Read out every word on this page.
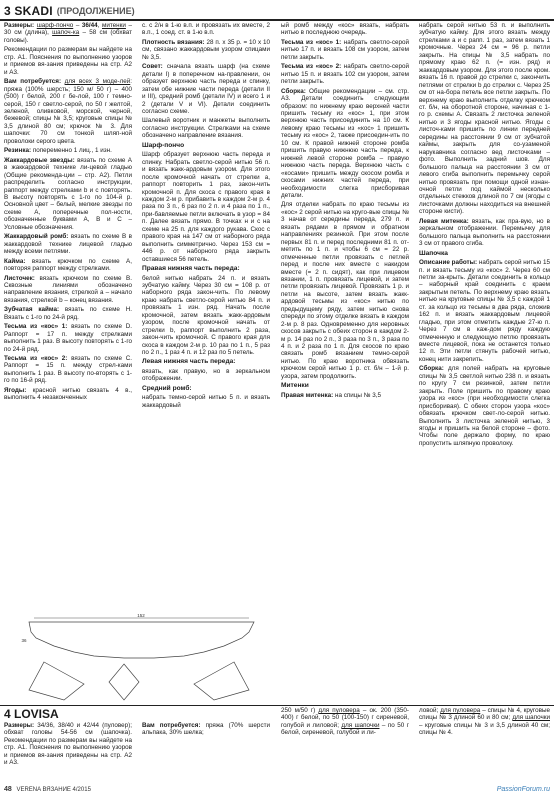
3 SKADI (ПРОДОЛЖЕНИЕ)

Размеры: шарф-пончо – 36/44, митенки – 30 см (длина), шапоч-ка – 58 см (обхват головы).

Рекомендации по размерам вы найдете на стр. А1. Пояснения по выполнению узоров и приемов вя-зания приведены на стр. А2 и А3.

Вам потребуется: для всех 3 моде-лей: пряжа (100% шерсть; 150 м/ 50 г) – 400 (500) г белой, 200 г бе-лой, 100 г темно-серой, 150 г светло-серой, по 50 г желтой, зеленой, оливковой, морской, черной, бежевой; спицы № 3,5; круговые спицы № 3,5 длиной 80 см; крючок № 3. Для шапочки: 70 см тонкой шляп-ной проволоки серого цвета.

Резинка: попеременно 1 лиц., 1 изн.

Жаккардовые звезды: вязать по схеме А в жаккардовой технике ли-цевой гладью (Общие рекоменда-ции – стр. А2). Петли распределить согласно инструкции, раппорт между стрелками b и с повторять. В высоту повторять с 1-го по 104-й р. Основной цвет – белый, мелкие звезды по схеме A, поперечные пол-ности, обозначенные буквами А, В и С – Условные обозначения.

Жаккардовый ромб: вязать по схеме В в жаккардовой технике лицевой гладью между всеми петлями.

Кайма: вязать крючком по схеме А, повторяя раппорт между стрелками.

Листочек: вязать крючком по схеме В. Сквозные линиями обозначено направление вязания, стрелкой а – начало вязания, стрелкой b – конец вязания.

Зубчатая кайма: вязать по схеме Н. Вязать с 1-го по 24-й ряд.

Тесьма из «кос» 1: вязать по схеме D. Раппорт = 17 п. между стрелками выполнить 1 раз. В высоту повторять с 1-го по 24-й ряд.

Тесьма из «кос» 2: вязать по схеме С. Раппорт = 15 п. между стрел-ками выполнить 1 раз. В высоту по-вторять с 1-го по 16-й ряд.

Ягоды: красной нитью связать 4 в., выполнить 4 незаконченных

с. с 2/н в 1-ю в.п. и провязать их вместе, 2 в.п., 1 соед. ст. в 1-ю в.п.

Плотность вязания: 28 п. х 35 р. = 10 х 10 см, связано жаккардовым узором спицами № 3,5.

Совет: сначала вязать шарф (на схеме детали I) в поперечном на-правлении, он образует верхнюю часть переда и спинку, затем обе нижние части переда (детали II и III), средний ромб (детали IV) и всего 1 и 2 (детали V и VI). Детали соединить согласно схеме.

Шалевый воротник и манжеты выполнить согласно инструкции. Стрелками на схеме обозначено направление вязания.

Шарф-пончо

Шарф образует верхнюю часть переда и спинку. Набрать светло-серой нитью 56 п. и вязать жакк-ардовым узором. Для этого после кромочной начать от стрелки а, раппорт повторить 1 раз, закон-чить кромочной п. Для скоса с правого края в каждом 2-м р. прибавить в каждом 2-м р. 4 раза по 3 п., 6 раз по 2 п. и 4 раза по 1 п., при-бавляемые петли включать в узор = 84 п. Далее вязать прямо. В точках н и с на схеме на 25 п. для каждого рукава. Скос с правого края на 147 см от наборного ряда выполнить симметрично. Через 153 см = 446 р. от наборного ряда закрыть оставшиеся 56 петель.

Правая нижняя часть переда:

белой нитью набрать 24 п. и вязать зубчатую кайму. Через 30 см = 108 р. от наборного ряда закон-чить. По левому краю набрать светло-серой нитью 84 п. и провязать 1 изн. ряд. Начать после кромочной, затем вязать жакк-ардовым узором, после кромочной начать от стрелки b, раппорт выполнить 2 раза, закон-чить кромочной. С правого края для скоса в каждом 2-м р. 10 раз по 1 п., 5 раз по 2 п., 1 раз 4 п. и 12 раз по 5 петель.

Левая нижняя часть переда:

вязать, как правую, но в зеркальном отображении.

Средний ромб:

набрать темно-серой нитью 5 п. и вязать жаккардовый

ый ромб между «кос» вязать, набрать нитью в последнюю очередь.

Тесьма из «кос» 1: набрать светло-серой нитью 17 п. и вязать 108 см узором, затем петли закрыть.

Тесьма из «кос» 2: набрать светло-серой нитью 15 п. и вязать 102 см узором, затем петли закрыть.

Сборка: Общие рекомендации – см. стр. А3. Детали соединить следующим образом: по нижнему краю верхней части пришить тесьму из «кос» 1, при этом верхнюю часть присоединить на 10 см. К левому краю тесьмы из «кос» 1 пришить тесьму из «кос» 2, также присоедин-ить по 10 см. К правой нижней стороне ромба пришить правую нижнюю часть переда, к нижней левой стороне ромба – правую нижнюю часть переда. Верхнюю часть с «косами» пришить между скосом ромба и скосами нижних частей переда, при необходимости слегка присборивая детали.

Для отделки набрать по краю тесьмы из «кос» 2 серой нитью на круго-вые спицы № 3 начав от середины переда, 279 п. и вязать рядами в прямом и обратном направлениях резинкой. При этом после первых 81 п. и перед последними 81 п. от-метить по 1 п. и чтобы 6 см = 22 р. отмеченные петли провязать с петлей перед и после них вместе с накидом вместе (= 2 п. сидят), как при лицевом вязании, 1 п. провязать лицевой, и затем петли провязать лицевой. Провязать 1 р. и петли на высоте, затем вязать жакк-ардовой тесьмы из «кос» нитью по предыдущему ряду, затем нитью снова спереди по этому отделке вязать в каждом 2-м р. 8 раз. Одновременно для неровных скосов закрыть с обеих сторон в каждом 2-м р. 14 раз по 2 п., 3 раза по 3 п., 3 раза по 4 п. и 2 раза по 1 п. Для скосов по краю связать ромб вязанием темно-серой нитью. По краю воротника обвязать крючком серой нитью 1 р. ст. б/н – 1-й р. узора, затем продолжить.

Митенки

Правая митенка: на спицы № 3,5

набрать серой нитью 53 п. и выполнить зубчатую кайму. Для этого вязать между стрелками a и c рапп. 1 раз, затем вязать 1 кромочные. Через 24 см = 96 р. петли закрыть. На спицы № 3,5 набрать по прямому краю 62 п. (= изн. ряд) и жаккардовым узором. Для этого после кром. вязать 16 п. правой до стрелки с, закончить петлями от стрелки b до стрелки с. Через 25 см от на-бора петель все петли закрыть. По верхнему краю выполнить отделку крючком ст. б/н, на оборотной стороне, начиная с 1-го р. схемы А. Связать 2 листочка зеленой нитью и 3 ягоды красной нитью. Ягоды с листоч-ками пришить по линии передней середины на расстоянии 9 см от зубчатой каймы, закрыть для со-узаменой нарукавника согласно вед листочками – фото. Выполнить задний шов. Для большого пальца на расстоянии 3 см от левого сгиба выполнить перемычку серой нитью провязать при помощи одной изнан-очной петли под каймой несколько отдельных стежков длиной по 7 см (ягоды с листочками должны находиться на внешней стороне кисти).

Левая митенка: вязать, как пра-вую, но в зеркальном отображении. Перемычку для большого пальца выполнить на расстоянии 3 см от правого сгиба.

Шапочка

Описание работы: набрать серой нитью 15 п. и вязать тесьму из «кос» 2. Через 60 см петли за-крыть. Детали соединить в кольцо – наборный край соединить с краем закрытым петель. По верхнему краю вязать нитью на круговые спицы № 3,5 с каждой 1 ст. за кольцо из тесьмы в два ряда, сложив 162 п. и вязать жаккардовым лицевой гладью, при этом отметить каждые 27-ю п. Через 7 см в каж-дом ряду каждую отмеченную и следующую петлю провязать вместе лицевой, пока не останется только 12 п. Эти петли стянуть рабочей нитью, конец нити закрепить.

Сборка: для полей набрать на круговые спицы № 3,5 светлой нитью 238 п. и вязать по кругу 7 см резинкой, затем петли закрыть. Поле пришить по правому краю узора из «кос» (при необходимости слегка присборивая). С обеих сторон узора «кос» обвязать крючком свет-ло-серой нитью. Выполнить 3 листочка зеленой нитью, 3 ягоды и пришить на белой стороне – фото. Чтобы поле держало форму, по краю пропустить шляпную проволоку.

152
36
4 LOVISA

Размеры: 34/36, 38/40 и 42/44 (пуловер); обхват головы 54-56 см (шапочка). Рекомендации по размерам вы найдете на стр. А1. Пояснения по выполнению узоров и приемов вя-зания приведены на стр. А2 и А3.

Вам потребуется: пряжа (70% шерсти альпака, 30% шелка;

250 м/50 г) для пуловера – ок. 200 (350-400) г белой, по 50 (100-150) г сиреневой, голубой и лиловой; для шапочки – по 50 г белой, сиреневой, голубой и ли-

ловой; для пуловера – спицы № 4, круговые спицы № 3 длиной 60 и 80 см; для шапочки – круговые спицы № 3 и 3,5 длиной 40 см; спицы № 4.

48 VERENA ВЯЗАНИЕ 4/2015	PassionForum.ru
